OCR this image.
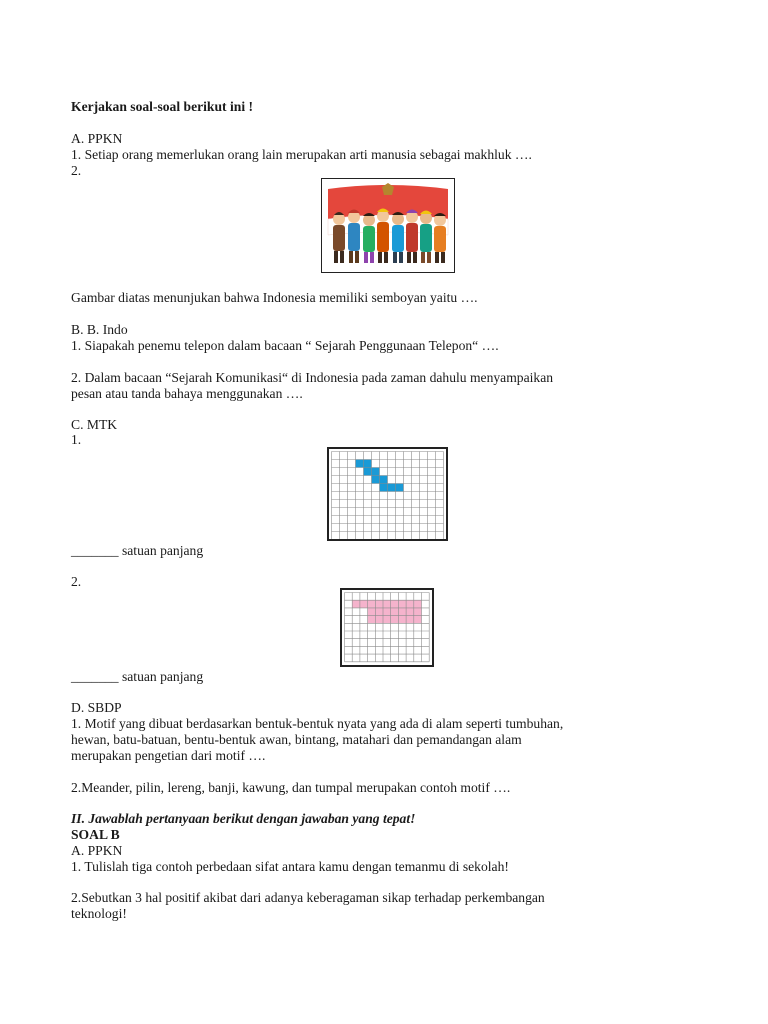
Kerjakan soal-soal berikut ini !

A. PPKN

1. Setiap orang memerlukan orang lain merupakan arti manusia sebagai makhluk ….

2.

Gambar diatas menunjukan bahwa Indonesia memiliki semboyan yaitu ….

B. B. Indo

1. Siapakah penemu telepon dalam bacaan “ Sejarah Penggunaan Telepon“ ….

2. Dalam bacaan “Sejarah Komunikasi“ di Indonesia pada zaman dahulu menyampaikan

pesan atau tanda bahaya menggunakan ….

C. MTK

1.

_______ satuan panjang

2.

_______ satuan panjang

D. SBDP

1. Motif yang dibuat berdasarkan bentuk-bentuk nyata yang ada di alam seperti tumbuhan,

hewan, batu-batuan, bentu-bentuk awan, bintang, matahari dan pemandangan alam

merupakan pengetian dari motif ….

2.Meander, pilin, lereng, banji, kawung, dan tumpal merupakan contoh motif ….

II. Jawablah pertanyaan berikut dengan jawaban yang tepat!

SOAL B

A. PPKN

1. Tulislah tiga contoh perbedaan sifat antara kamu dengan temanmu di sekolah!

2.Sebutkan 3 hal positif akibat dari adanya keberagaman sikap terhadap perkembangan

teknologi!
